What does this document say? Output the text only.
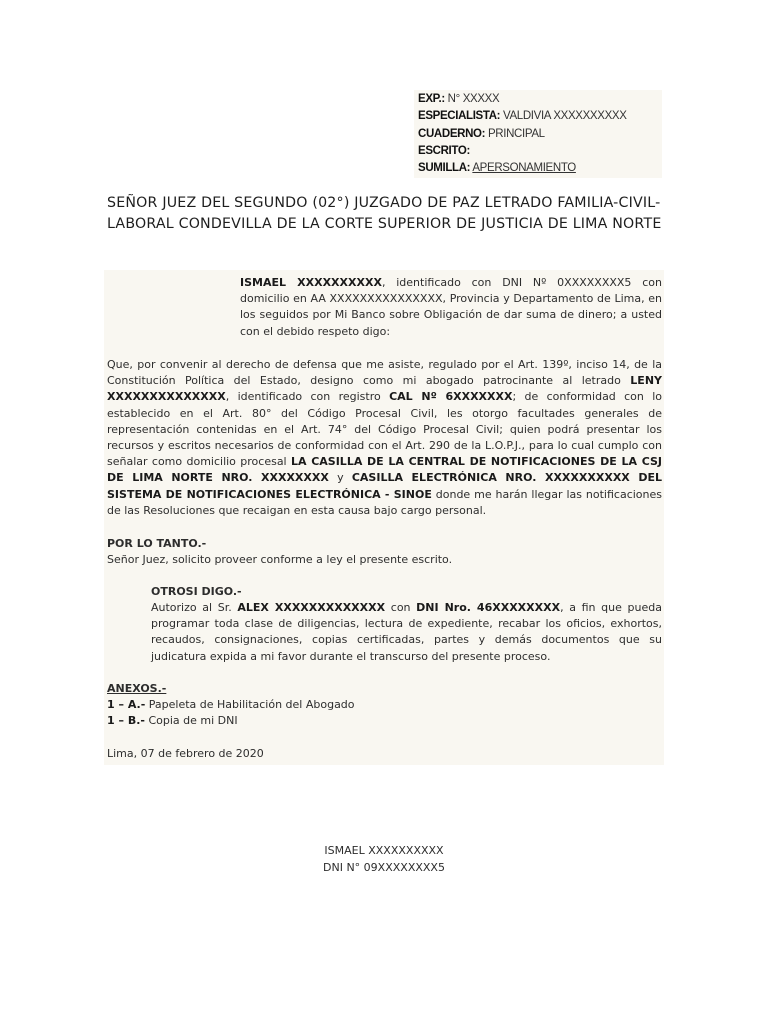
EXP.: N° XXXXX
ESPECIALISTA: VALDIVIA XXXXXXXXXX
CUADERNO: PRINCIPAL
ESCRITO:
SUMILLA: APERSONAMIENTO
SEÑOR JUEZ DEL SEGUNDO (02°) JUZGADO DE PAZ LETRADO FAMILIA-CIVIL-LABORAL CONDEVILLA DE LA CORTE SUPERIOR DE JUSTICIA DE LIMA NORTE
ISMAEL XXXXXXXXXX, identificado con DNI Nº 0XXXXXXXX5 con domicilio en AA XXXXXXXXXXXXXXX, Provincia y Departamento de Lima, en los seguidos por Mi Banco sobre Obligación de dar suma de dinero; a usted con el debido respeto digo:
Que, por convenir al derecho de defensa que me asiste, regulado por el Art. 139º, inciso 14, de la Constitución Política del Estado, designo como mi abogado patrocinante al letrado LENY XXXXXXXXXXXXXX, identificado con registro CAL Nº 6XXXXXXX; de conformidad con lo establecido en el Art. 80° del Código Procesal Civil, les otorgo facultades generales de representación contenidas en el Art. 74° del Código Procesal Civil; quien podrá presentar los recursos y escritos necesarios de conformidad con el Art. 290 de la L.O.P.J., para lo cual cumplo con señalar como domicilio procesal LA CASILLA DE LA CENTRAL DE NOTIFICACIONES DE LA CSJ DE LIMA NORTE NRO. XXXXXXXX y CASILLA ELECTRÓNICA NRO. XXXXXXXXXX DEL SISTEMA DE NOTIFICACIONES ELECTRÓNICA - SINOE donde me harán llegar las notificaciones de las Resoluciones que recaigan en esta causa bajo cargo personal.
POR LO TANTO.-
Señor Juez, solicito proveer conforme a ley el presente escrito.
OTROSI DIGO.-
Autorizo al Sr. ALEX XXXXXXXXXXXXX con DNI Nro. 46XXXXXXXX, a fin que pueda programar toda clase de diligencias, lectura de expediente, recabar los oficios, exhortos, recaudos, consignaciones, copias certificadas, partes y demás documentos que su judicatura expida a mi favor durante el transcurso del presente proceso.
ANEXOS.-
1 – A.- Papeleta de Habilitación del Abogado
1 – B.- Copia de mi DNI
Lima, 07 de febrero de 2020
ISMAEL XXXXXXXXXX
DNI N° 09XXXXXXXX5
